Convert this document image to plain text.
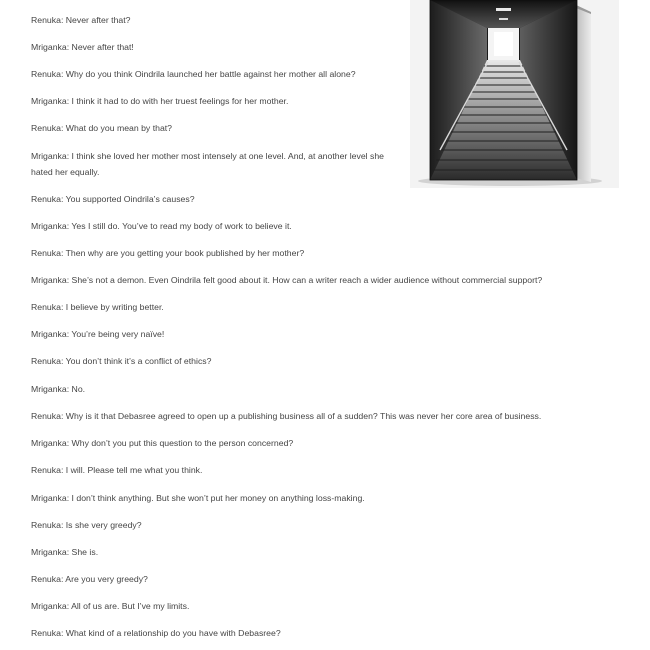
Renuka: Never after that?

Mriganka: Never after that!

Renuka: Why do you think Oindrila launched her battle against her mother all alone?

Mriganka: I think it had to do with her truest feelings for her mother.

Renuka: What do you mean by that?

Mriganka: I think she loved her mother most intensely at one level. And, at another level she hated her equally.

Renuka: You supported Oindrila’s causes?

Mriganka: Yes I still do. You’ve to read my body of work to believe it.

Renuka: Then why are you getting your book published by her mother?

Mriganka: She’s not a demon. Even Oindrila felt good about it. How can a writer reach a wider audience without commercial support?

Renuka: I believe by writing better.

Mriganka: You’re being very naïve!

Renuka: You don’t think it’s a conflict of ethics?

Mriganka: No.

Renuka: Why is it that Debasree agreed to open up a publishing business all of a sudden? This was never her core area of business.

Mriganka: Why don’t you put this question to the person concerned?

Renuka: I will. Please tell me what you think.

Mriganka: I don’t think anything. But she won’t put her money on anything loss-making.

Renuka: Is she very greedy?

Mriganka: She is.

Renuka: Are you very greedy?

Mriganka: All of us are. But I’ve my limits.

Renuka: What kind of a relationship do you have with Debasree?
